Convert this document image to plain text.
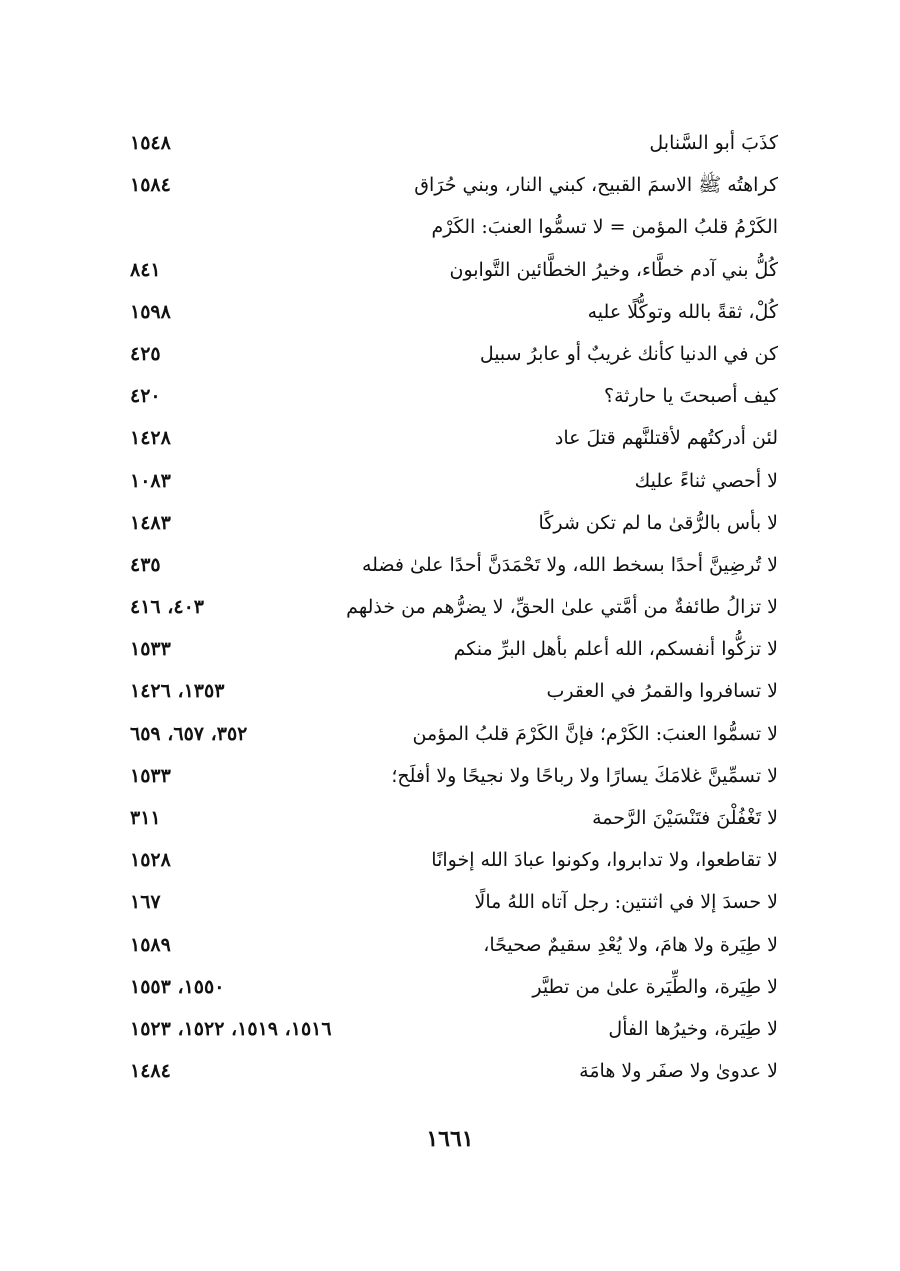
كذَبَ أبو السَّنابل
١٥٤٨
كراهتُه ﷺ الاسمَ القبيح، كبني النار، وبني حُرَاق
١٥٨٤
الكَرْمُ قلبُ المؤمن = لا تسمُّوا العنبَ: الكَرْم
كُلُّ بني آدم خطَّاء، وخيرُ الخطَّائين التَّوابون
٨٤١
كُلْ، ثقةً بالله وتوكُّلًا عليه
١٥٩٨
كن في الدنيا كأنك غريبٌ أو عابرُ سبيل
٤٢٥
كيف أصبحتَ يا حارثة؟
٤٢٠
لئن أدركتُهم لأقتلنَّهم قتلَ عاد
١٤٢٨
لا أحصي ثناءً عليك
١٠٨٣
لا بأس بالرُّقىٰ ما لم تكن شركًا
١٤٨٣
لا تُرضِينَّ أحدًا بسخط الله، ولا تَحْمَدَنَّ أحدًا علىٰ فضله
٤٣٥
لا تزالُ طائفةٌ من أمَّتي علىٰ الحقِّ، لا يضرُّهم من خذلهم
٤٠٣، ٤١٦
لا تزكُّوا أنفسكم، الله أعلم بأهل البرِّ منكم
١٥٣٣
لا تسافروا والقمرُ في العقرب
١٣٥٣، ١٤٢٦
لا تسمُّوا العنبَ: الكَرْم؛ فإنَّ الكَرْمَ قلبُ المؤمن
٣٥٢، ٦٥٧، ٦٥٩
لا تسمِّينَّ غلامَكَ يسارًا ولا رباحًا ولا نجيحًا ولا أفلَح؛
١٥٣٣
لا تَغْفُلْنَ فتَنْسَيْنَ الرَّحمة
٣١١
لا تقاطعوا، ولا تدابروا، وكونوا عبادَ الله إخوانًا
١٥٢٨
لا حسدَ إلا في اثنتين: رجل آتاه اللهُ مالًا
١٦٧
لا طِيَرة ولا هامَ، ولا يُعْدِ سقيمٌ صحيحًا،
١٥٨٩
لا طِيَرة، والطِّيَرة علىٰ من تطيَّر
١٥٥٠، ١٥٥٣
لا طِيَرة، وخيرُها الفأل
١٥١٦، ١٥١٩، ١٥٢٢، ١٥٢٣
لا عدوىٰ ولا صفَر ولا هامَة
١٤٨٤
١٦٦١
